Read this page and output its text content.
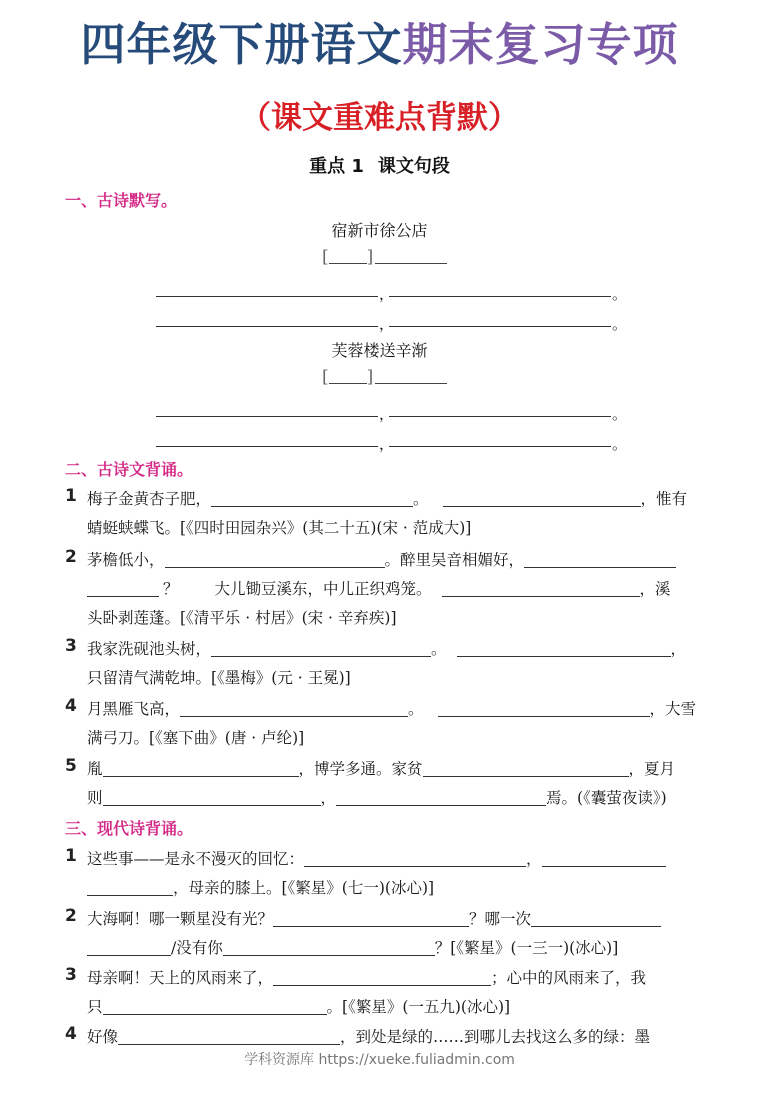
四年级下册语文期末复习专项
（课文重难点背默）
重点 1 课文句段
一、古诗默写。
宿新市徐公店
[ ]
，	。
，	。
芙蓉楼送辛渐
[ ]
，	。
，	。
二、古诗文背诵。
1 梅子金黄杏子肥，	。	，惟有
蜻蜓蛱蝶飞。[《四时田园杂兴》(其二十五)(宋 · 范成大)]
2 茅檐低小，	。醉里吴音相媚好，
？ 大儿锄豆溪东，中儿正织鸡笼。	，溪
头卧剥莲蓬。[《清平乐 · 村居》(宋 · 辛弃疾)]
3 我家洗砚池头树，	。	，
只留清气满乾坤。[《墨梅》(元 · 王冕)]
4 月黑雁飞高，	。	，大雪
满弓刀。[《塞下曲》(唐 · 卢纶)]
5 胤	，博学多通。家贫	，夏月
则	，	焉。(《囊萤夜读》)
三、现代诗背诵。
1 这些事——是永不漫灭的回忆：	，
，母亲的膝上。[《繁星》(七一)(冰心)]
2 大海啊！哪一颗星没有光？	？哪一次
/没有你	？[《繁星》(一三一)(冰心)]
3 母亲啊！天上的风雨来了，	；心中的风雨来了，我
只	。[《繁星》(一五九)(冰心)]
4 好像	，到处是绿的……到哪儿去找这么多的绿：墨
学科资源库 https://xueke.fuliadmin.com
